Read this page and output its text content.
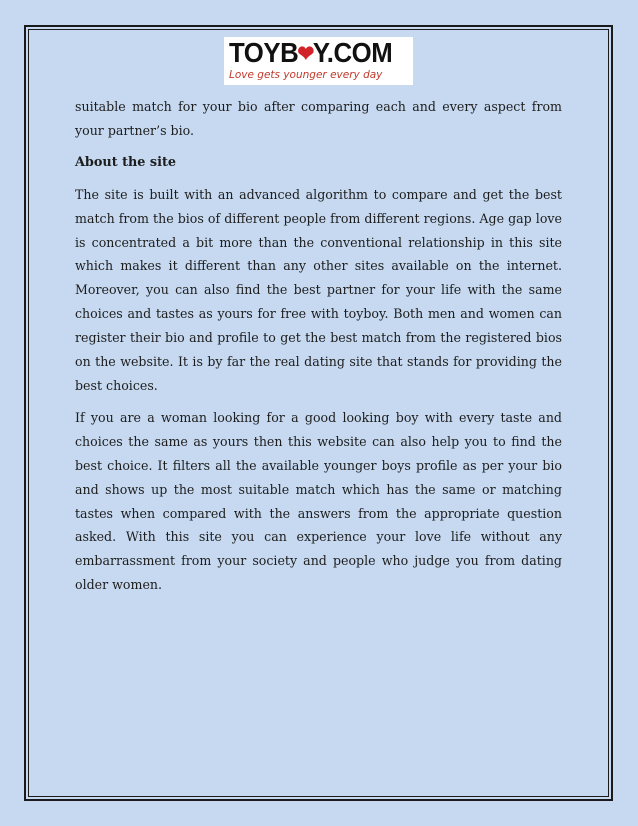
TOYB❤Y.COM
Love gets younger every day

suitable match for your bio after comparing each and every aspect from your partner’s bio.

About the site

The site is built with an advanced algorithm to compare and get the best match from the bios of different people from different regions. Age gap love is concentrated a bit more than the conventional relationship in this site which makes it different than any other sites available on the internet. Moreover, you can also find the best partner for your life with the same choices and tastes as yours for free with toyboy. Both men and women can register their bio and profile to get the best match from the registered bios on the website. It is by far the real dating site that stands for providing the best choices.

If you are a woman looking for a good looking boy with every taste and choices the same as yours then this website can also help you to find the best choice. It filters all the available younger boys profile as per your bio and shows up the most suitable match which has the same or matching tastes when compared with the answers from the appropriate question asked. With this site you can experience your love life without any embarrassment from your society and people who judge you from dating older women.
